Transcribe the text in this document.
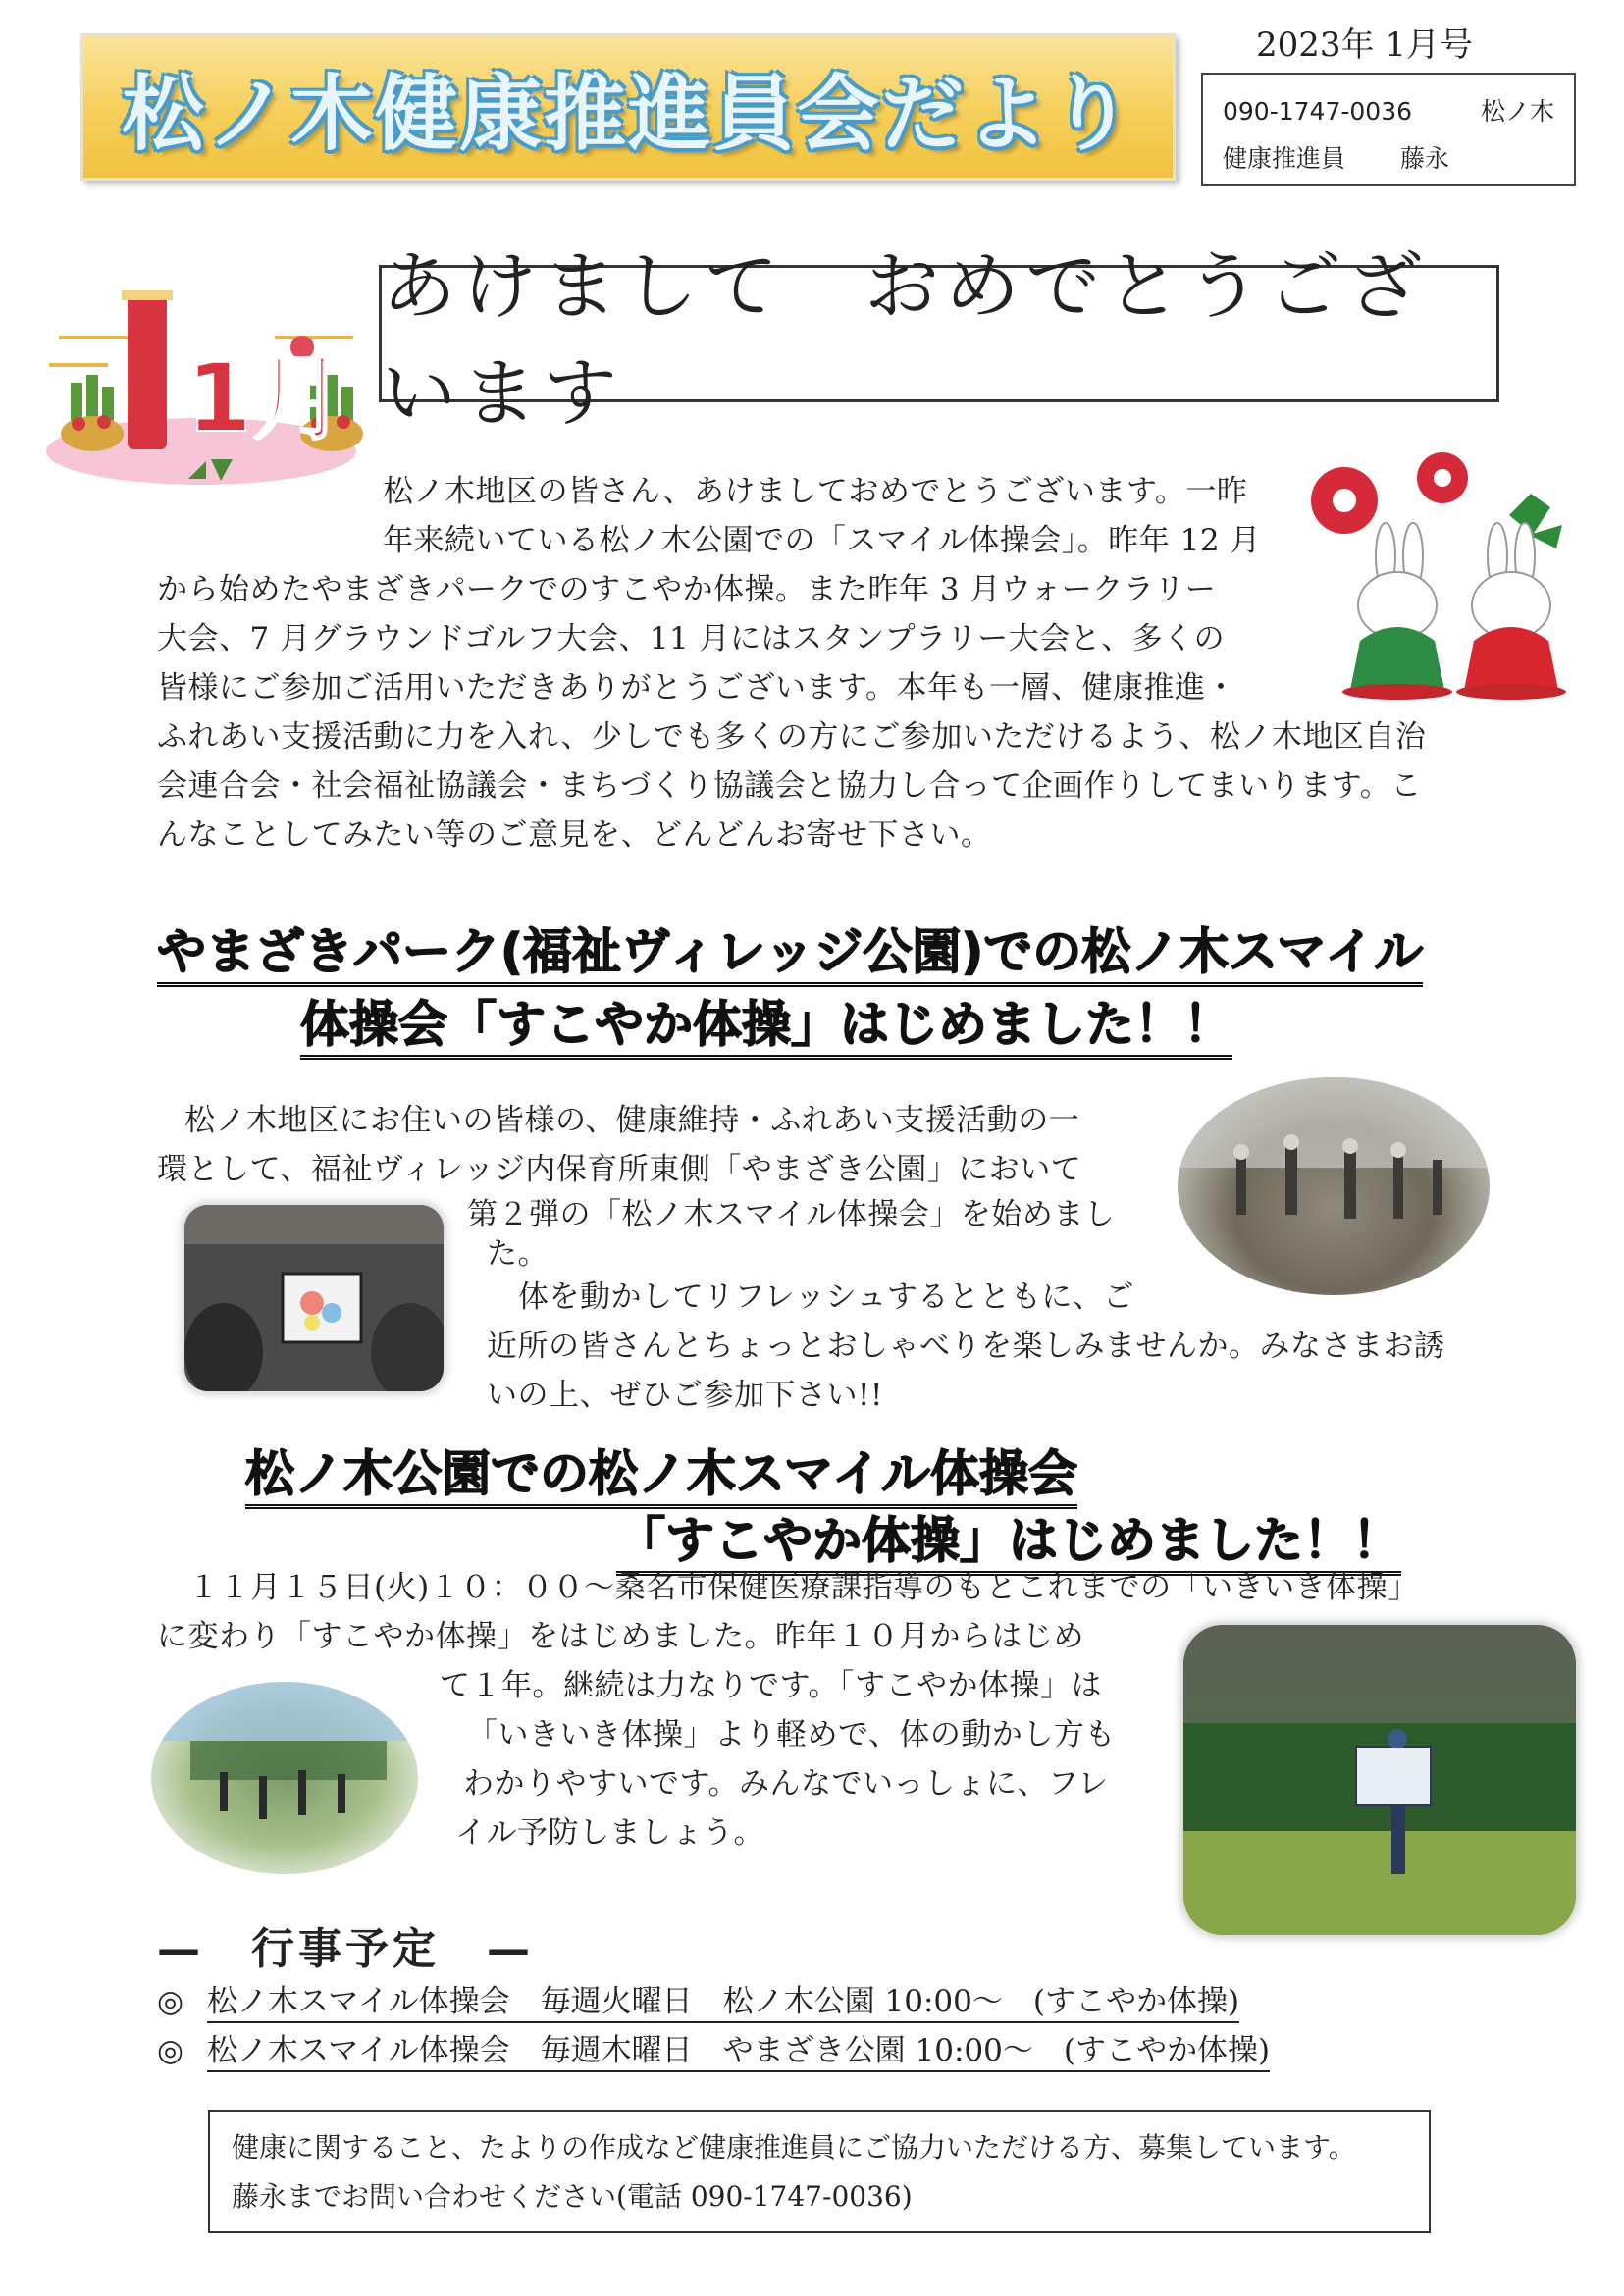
松ノ木健康推進員会だより
2023年 1月号
090-1747-0036	松ノ木
健康推進員 藤永
1月
あけまして　おめでとうございます
松ノ木地区の皆さん、あけましておめでとうございます。一昨
年来続いている松ノ木公園での「スマイル体操会」。昨年 12 月
から始めたやまざきパークでのすこやか体操。また昨年 3 月ウォークラリー
大会、7 月グラウンドゴルフ大会、11 月にはスタンプラリー大会と、多くの
皆様にご参加ご活用いただきありがとうございます。本年も一層、健康推進・
ふれあい支援活動に力を入れ、少しでも多くの方にご参加いただけるよう、松ノ木地区自治
会連合会・社会福祉協議会・まちづくり協議会と協力し合って企画作りしてまいります。こ
んなことしてみたい等のご意見を、どんどんお寄せ下さい。
やまざきパーク(福祉ヴィレッジ公園)での松ノ木スマイル
体操会「すこやか体操」はじめました！！
松ノ木地区にお住いの皆様の、健康維持・ふれあい支援活動の一
環として、福祉ヴィレッジ内保育所東側「やまざき公園」において
第２弾の「松ノ木スマイル体操会」を始めまし
た。
体を動かしてリフレッシュするとともに、ご
近所の皆さんとちょっとおしゃべりを楽しみませんか。みなさまお誘
いの上、ぜひご参加下さい!!
松ノ木公園での松ノ木スマイル体操会
「すこやか体操」はじめました！！
１１月１５日(火)１０：００～桑名市保健医療課指導のもとこれまでの「いきいき体操」
に変わり「すこやか体操」をはじめました。昨年１０月からはじめ
て１年。継続は力なりです。「すこやか体操」は
「いきいき体操」より軽めで、体の動かし方も
わかりやすいです。みんなでいっしょに、フレ
イル予防しましょう。
—　行事予定　—
◎ 松ノ木スマイル体操会　毎週火曜日　松ノ木公園 10:00～　(すこやか体操)
◎ 松ノ木スマイル体操会　毎週木曜日　やまざき公園 10:00～　(すこやか体操)
健康に関すること、たよりの作成など健康推進員にご協力いただける方、募集しています。
藤永までお問い合わせください(電話 090-1747-0036)
